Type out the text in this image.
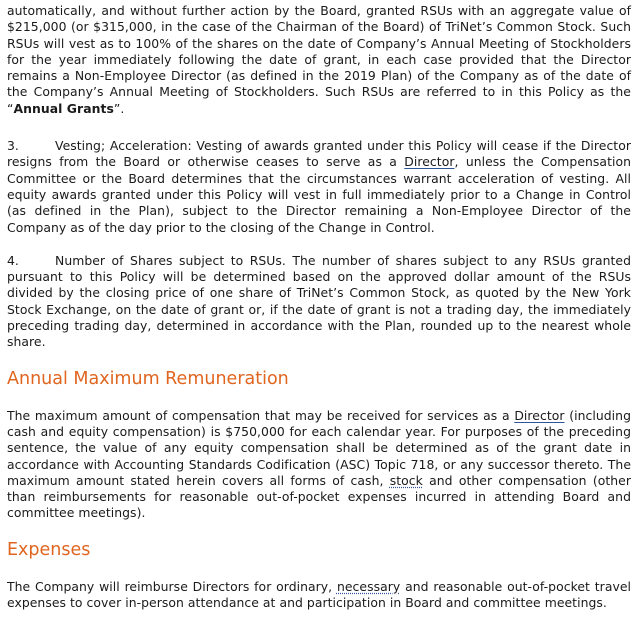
automatically, and without further action by the Board, granted RSUs with an aggregate value of $215,000 (or $315,000, in the case of the Chairman of the Board) of TriNet’s Common Stock. Such RSUs will vest as to 100% of the shares on the date of Company’s Annual Meeting of Stockholders for the year immediately following the date of grant, in each case provided that the Director remains a Non-Employee Director (as defined in the 2019 Plan) of the Company as of the date of the Company’s Annual Meeting of Stockholders. Such RSUs are referred to in this Policy as the “Annual Grants”.

3.	Vesting; Acceleration: Vesting of awards granted under this Policy will cease if the Director resigns from the Board or otherwise ceases to serve as a Director, unless the Compensation Committee or the Board determines that the circumstances warrant acceleration of vesting. All equity awards granted under this Policy will vest in full immediately prior to a Change in Control (as defined in the Plan), subject to the Director remaining a Non-Employee Director of the Company as of the day prior to the closing of the Change in Control.

4.	Number of Shares subject to RSUs. The number of shares subject to any RSUs granted pursuant to this Policy will be determined based on the approved dollar amount of the RSUs divided by the closing price of one share of TriNet’s Common Stock, as quoted by the New York Stock Exchange, on the date of grant or, if the date of grant is not a trading day, the immediately preceding trading day, determined in accordance with the Plan, rounded up to the nearest whole share.

Annual Maximum Remuneration

The maximum amount of compensation that may be received for services as a Director (including cash and equity compensation) is $750,000 for each calendar year. For purposes of the preceding sentence, the value of any equity compensation shall be determined as of the grant date in accordance with Accounting Standards Codification (ASC) Topic 718, or any successor thereto. The maximum amount stated herein covers all forms of cash, stock and other compensation (other than reimbursements for reasonable out-of-pocket expenses incurred in attending Board and committee meetings).

Expenses

The Company will reimburse Directors for ordinary, necessary and reasonable out-of-pocket travel expenses to cover in-person attendance at and participation in Board and committee meetings.
